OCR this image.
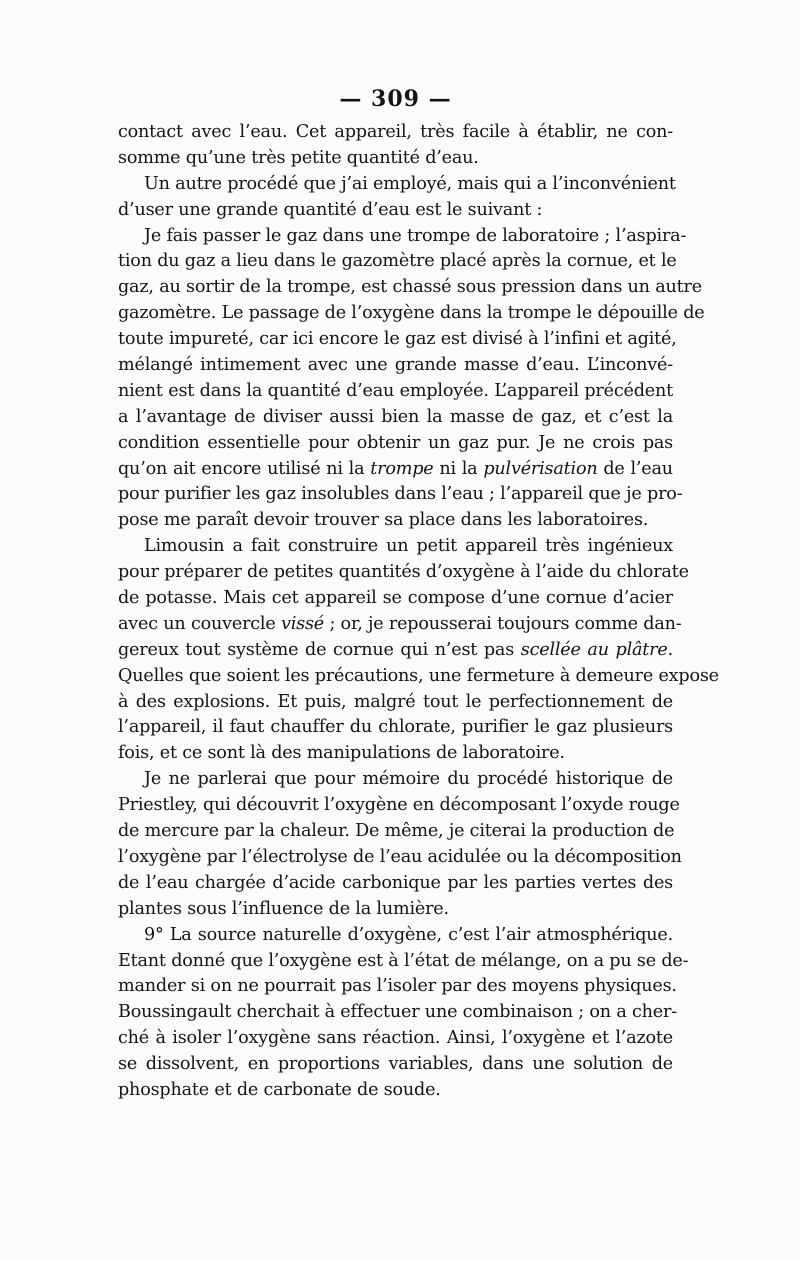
— 309 —
contact avec l’eau. Cet appareil, très facile à établir, ne con-
somme qu’une très petite quantité d’eau.
Un autre procédé que j’ai employé, mais qui a l’inconvénient
d’user une grande quantité d’eau est le suivant :
Je fais passer le gaz dans une trompe de laboratoire ; l’aspira-
tion du gaz a lieu dans le gazomètre placé après la cornue, et le
gaz, au sortir de la trompe, est chassé sous pression dans un autre
gazomètre. Le passage de l’oxygène dans la trompe le dépouille de
toute impureté, car ici encore le gaz est divisé à l’infini et agité,
mélangé intimement avec une grande masse d’eau. L’inconvé-
nient est dans la quantité d’eau employée. L’appareil précédent
a l’avantage de diviser aussi bien la masse de gaz, et c’est la
condition essentielle pour obtenir un gaz pur. Je ne crois pas
qu’on ait encore utilisé ni la trompe ni la pulvérisation de l’eau
pour purifier les gaz insolubles dans l’eau ; l’appareil que je pro-
pose me paraît devoir trouver sa place dans les laboratoires.
Limousin a fait construire un petit appareil très ingénieux
pour préparer de petites quantités d’oxygène à l’aide du chlorate
de potasse. Mais cet appareil se compose d’une cornue d’acier
avec un couvercle vissé ; or, je repousserai toujours comme dan-
gereux tout système de cornue qui n’est pas scellée au plâtre.
Quelles que soient les précautions, une fermeture à demeure expose
à des explosions. Et puis, malgré tout le perfectionnement de
l’appareil, il faut chauffer du chlorate, purifier le gaz plusieurs
fois, et ce sont là des manipulations de laboratoire.
Je ne parlerai que pour mémoire du procédé historique de
Priestley, qui découvrit l’oxygène en décomposant l’oxyde rouge
de mercure par la chaleur. De même, je citerai la production de
l’oxygène par l’électrolyse de l’eau acidulée ou la décomposition
de l’eau chargée d’acide carbonique par les parties vertes des
plantes sous l’influence de la lumière.
9° La source naturelle d’oxygène, c’est l’air atmosphérique.
Etant donné que l’oxygène est à l’état de mélange, on a pu se de-
mander si on ne pourrait pas l’isoler par des moyens physiques.
Boussingault cherchait à effectuer une combinaison ; on a cher-
ché à isoler l’oxygène sans réaction. Ainsi, l’oxygène et l’azote
se dissolvent, en proportions variables, dans une solution de
phosphate et de carbonate de soude.
